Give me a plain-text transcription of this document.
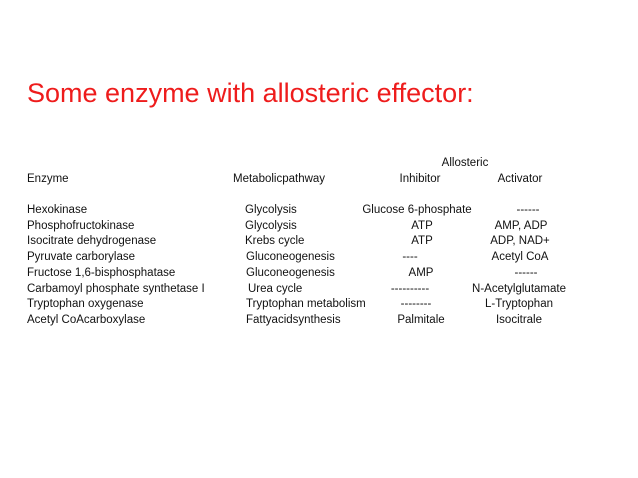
Some enzyme with allosteric effector:
Allosteric
Enzyme	Metabolicpathway	Inhibitor	Activator
Hexokinase	Glycolysis	Glucose 6-phosphate	------
Phosphofructokinase	Glycolysis	ATP	AMP, ADP
Isocitrate dehydrogenase	Krebs cycle	ATP	ADP, NAD+
Pyruvate carborylase	Gluconeogenesis	----	Acetyl CoA
Fructose 1,6-bisphosphatase	Gluconeogenesis	AMP	------
Carbamoyl phosphate synthetase I	Urea cycle	----------	N-Acetylglutamate
Tryptophan oxygenase	Tryptophan metabolism	--------	L-Tryptophan
Acetyl CoAcarboxylase	Fattyacidsynthesis	Palmitale	Isocitrale
